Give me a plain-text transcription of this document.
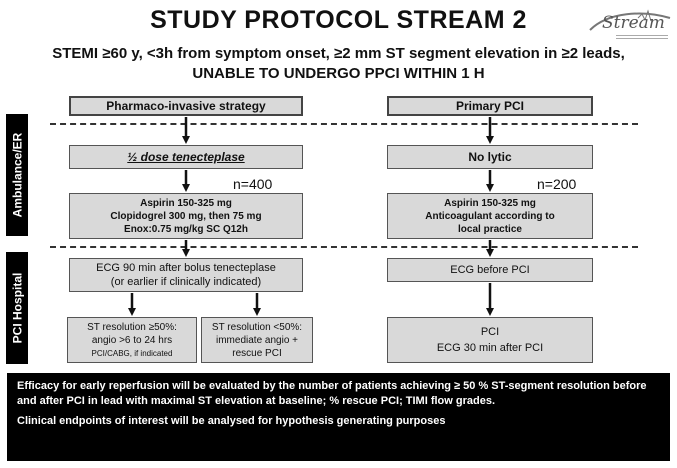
STUDY PROTOCOL STREAM 2
STEMI ≥60 y, <3h from symptom onset, ≥2 mm ST segment elevation in ≥2 leads,
UNABLE TO UNDERGO PPCI WITHIN 1 H
Stream
Ambulance/ER
PCI Hospital
Pharmaco-invasive strategy
½ dose tenecteplase
n=400
Aspirin 150-325 mg
Clopidogrel 300 mg, then 75 mg
Enox:0.75 mg/kg SC Q12h
ECG 90 min after bolus tenecteplase
(or earlier if clinically indicated)
ST resolution ≥50%:
angio >6 to 24 hrs
PCI/CABG, if indicated
ST resolution <50%:
immediate angio +
rescue PCI
Primary PCI
No lytic
n=200
Aspirin 150-325 mg
Anticoagulant according to
local practice
ECG before PCI
PCI
ECG 30 min after PCI

Efficacy for early reperfusion will be evaluated by the number of patients achieving ≥ 50 % ST-segment resolution before and after PCI in lead with maximal ST elevation at baseline; % rescue PCI; TIMI flow grades.

Clinical endpoints of interest will be analysed for hypothesis generating purposes
